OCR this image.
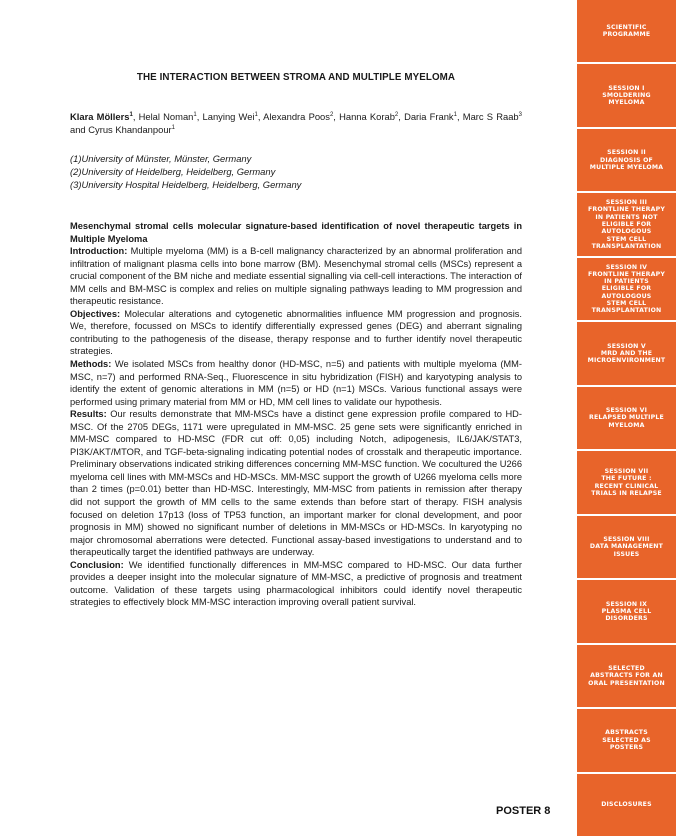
THE INTERACTION BETWEEN STROMA AND MULTIPLE MYELOMA
Klara Möllers$^1$, Helal Noman$^1$, Lanying Wei$^1$, Alexandra Poos$^2$, Hanna Korab$^2$, Daria Frank$^1$, Marc S Raab$^3$ and Cyrus Khandanpour$^1$
(1)University of Münster, Münster, Germany
(2)University of Heidelberg, Heidelberg, Germany
(3)University Hospital Heidelberg, Heidelberg, Germany

Mesenchymal stromal cells molecular signature-based identification of novel therapeutic targets in Multiple Myeloma

Introduction: Multiple myeloma (MM) is a B-cell malignancy characterized by an abnormal proliferation and infiltration of malignant plasma cells into bone marrow (BM). Mesenchymal stromal cells (MSCs) represent a crucial component of the BM niche and mediate essential signalling via cell-cell interactions. The interaction of MM cells and BM-MSC is complex and relies on multiple signaling pathways leading to MM progression and therapeutic resistance.

Objectives: Molecular alterations and cytogenetic abnormalities influence MM progression and prognosis. We, therefore, focussed on MSCs to identify differentially expressed genes (DEG) and aberrant signaling contributing to the pathogenesis of the disease, therapy response and to further identify novel therapeutic strategies.

Methods: We isolated MSCs from healthy donor (HD-MSC, n=5) and patients with multiple myeloma (MM-MSC, n=7) and performed RNA-Seq., Fluorescence in situ hybridization (FISH) and karyotyping analysis to identify the extent of genomic alterations in MM (n=5) or HD (n=1) MSCs. Various functional assays were performed using primary material from MM or HD, MM cell lines to validate our hypothesis.

Results: Our results demonstrate that MM-MSCs have a distinct gene expression profile compared to HD-MSC. Of the 2705 DEGs, 1171 were upregulated in MM-MSC. 25 gene sets were significantly enriched in MM-MSC compared to HD-MSC (FDR cut off: 0,05) including Notch, adipogenesis, IL6/JAK/STAT3, PI3K/AKT/MTOR, and TGF-beta-signaling indicating potential nodes of crosstalk and therapeutic importance. Preliminary observations indicated striking differences concerning MM-MSC function. We cocultured the U266 myeloma cell lines with MM-MSCs and HD-MSCs. MM-MSC support the growth of U266 myeloma cells more than 2 times (p=0.01) better than HD-MSC. Interestingly, MM-MSC from patients in remission after therapy did not support the growth of MM cells to the same extends than before start of therapy. FISH analysis focused on deletion 17p13 (loss of TP53 function, an important marker for clonal development, and poor prognosis in MM) showed no significant number of deletions in MM-MSCs or HD-MSCs. In karyotyping no major chromosomal aberrations were detected. Functional assay-based investigations to understand and to therapeutically target the identified pathways are underway.

Conclusion: We identified functionally differences in MM-MSC compared to HD-MSC. Our data further provides a deeper insight into the molecular signature of MM-MSC, a predictive of prognosis and treatment outcome. Validation of these targets using pharmacological inhibitors could identify novel therapeutic strategies to effectively block MM-MSC interaction improving overall patient survival.

POSTER 8
SCIENTIFIC
PROGRAMME
SESSION I
SMOLDERING
MYELOMA
SESSION II
DIAGNOSIS OF
MULTIPLE MYELOMA
SESSION III
FRONTLINE THERAPY
IN PATIENTS NOT
ELIGIBLE FOR
AUTOLOGOUS
STEM CELL
TRANSPLANTATION
SESSION IV
FRONTLINE THERAPY
IN PATIENTS
ELIGIBLE FOR
AUTOLOGOUS
STEM CELL
TRANSPLANTATION
SESSION V
MRD AND THE
MICROENVIRONMENT
SESSION VI
RELAPSED MULTIPLE
MYELOMA
SESSION VII
THE FUTURE :
RECENT CLINICAL
TRIALS IN RELAPSE
SESSION VIII
DATA MANAGEMENT
ISSUES
SESSION IX
PLASMA CELL
DISORDERS
SELECTED
ABSTRACTS FOR AN
ORAL PRESENTATION
ABSTRACTS
SELECTED AS
POSTERS
DISCLOSURES
